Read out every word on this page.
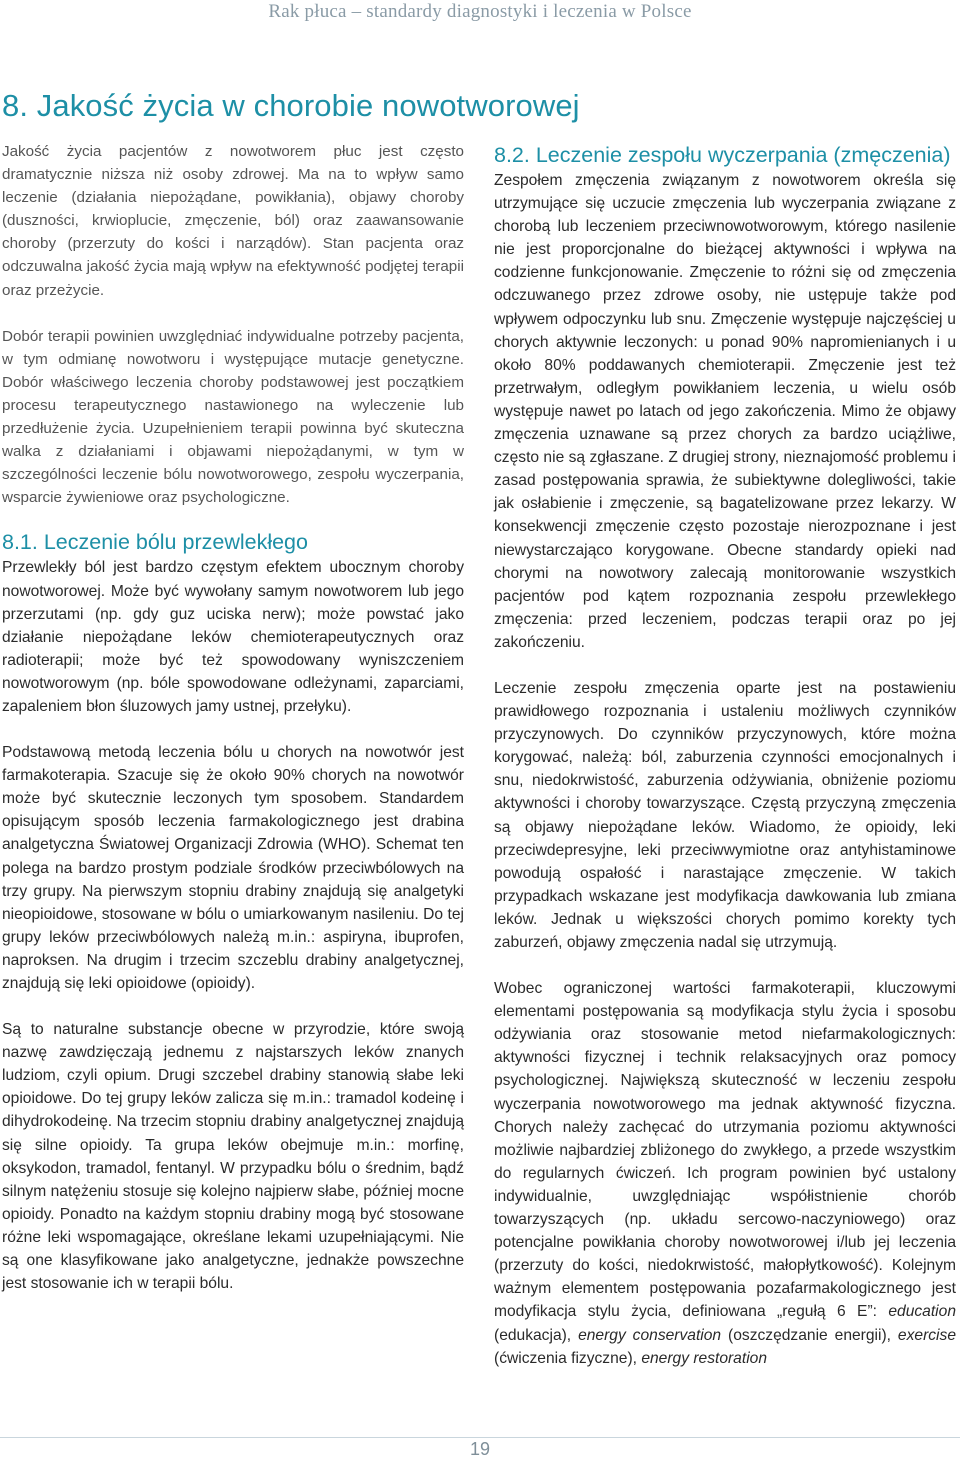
Rak płuca – standardy diagnostyki i leczenia w Polsce
8. Jakość życia w chorobie nowotworowej

Jakość życia pacjentów z nowotworem płuc jest często dramatycznie niższa niż osoby zdrowej. Ma na to wpływ samo leczenie (działania niepożądane, powikłania), objawy choroby (duszności, krwioplucie, zmęczenie, ból) oraz zaawansowanie choroby (przerzuty do kości i narządów). Stan pacjenta oraz odczuwalna jakość życia mają wpływ na efektywność podjętej terapii oraz przeżycie.

Dobór terapii powinien uwzględniać indywidualne potrzeby pacjenta, w tym odmianę nowotworu i występujące mutacje genetyczne. Dobór właściwego leczenia choroby podstawowej jest początkiem procesu terapeutycznego nastawionego na wyleczenie lub przedłużenie życia. Uzupełnieniem terapii powinna być skuteczna walka z działaniami i objawami niepożądanymi, w tym w szczególności leczenie bólu nowotworowego, zespołu wyczerpania, wsparcie żywieniowe oraz psychologiczne.

8.1. Leczenie bólu przewlekłego

Przewlekły ból jest bardzo częstym efektem ubocznym choroby nowotworowej. Może być wywołany samym nowotworem lub jego przerzutami (np. gdy guz uciska nerw); może powstać jako działanie niepożądane leków chemioterapeutycznych oraz radioterapii; może być też spowodowany wyniszczeniem nowotworowym (np. bóle spowodowane odleżynami, zaparciami, zapaleniem błon śluzowych jamy ustnej, przełyku).

Podstawową metodą leczenia bólu u chorych na nowotwór jest farmakoterapia. Szacuje się że około 90% chorych na nowotwór może być skutecznie leczonych tym sposobem. Standardem opisującym sposób leczenia farmakologicznego jest drabina analgetyczna Światowej Organizacji Zdrowia (WHO). Schemat ten polega na bardzo prostym podziale środków przeciwbólowych na trzy grupy. Na pierwszym stopniu drabiny znajdują się analgetyki nieopioidowe, stosowane w bólu o umiarkowanym nasileniu. Do tej grupy leków przeciwbólowych należą m.in.: aspiryna, ibuprofen, naproksen. Na drugim i trzecim szczeblu drabiny analgetycznej, znajdują się leki opioidowe (opioidy).

Są to naturalne substancje obecne w przyrodzie, które swoją nazwę zawdzięczają jednemu z najstarszych leków znanych ludziom, czyli opium. Drugi szczebel drabiny stanowią słabe leki opioidowe. Do tej grupy leków zalicza się m.in.: tramadol kodeinę i dihydrokodeinę. Na trzecim stopniu drabiny analgetycznej znajdują się silne opioidy. Ta grupa leków obejmuje m.in.: morfinę, oksykodon, tramadol, fentanyl. W przypadku bólu o średnim, bądź silnym natężeniu stosuje się kolejno najpierw słabe, później mocne opioidy. Ponadto na każdym stopniu drabiny mogą być stosowane różne leki wspomagające, określane lekami uzupełniającymi. Nie są one klasyfikowane jako analgetyczne, jednakże powszechne jest stosowanie ich w terapii bólu.

8.2. Leczenie zespołu wyczerpania (zmęczenia)

Zespołem zmęczenia związanym z nowotworem określa się utrzymujące się uczucie zmęczenia lub wyczerpania związane z chorobą lub leczeniem przeciwnowotworowym, którego nasilenie nie jest proporcjonalne do bieżącej aktywności i wpływa na codzienne funkcjonowanie. Zmęczenie to różni się od zmęczenia odczuwanego przez zdrowe osoby, nie ustępuje także pod wpływem odpoczynku lub snu. Zmęczenie występuje najczęściej u chorych aktywnie leczonych: u ponad 90% napromienianych i u około 80% poddawanych chemioterapii. Zmęczenie jest też przetrwałym, odległym powikłaniem leczenia, u wielu osób występuje nawet po latach od jego zakończenia. Mimo że objawy zmęczenia uznawane są przez chorych za bardzo uciążliwe, często nie są zgłaszane. Z drugiej strony, nieznajomość problemu i zasad postępowania sprawia, że subiektywne dolegliwości, takie jak osłabienie i zmęczenie, są bagatelizowane przez lekarzy. W konsekwencji zmęczenie często pozostaje nierozpoznane i jest niewystarczająco korygowane. Obecne standardy opieki nad chorymi na nowotwory zalecają monitorowanie wszystkich pacjentów pod kątem rozpoznania zespołu przewlekłego zmęczenia: przed leczeniem, podczas terapii oraz po jej zakończeniu.

Leczenie zespołu zmęczenia oparte jest na postawieniu prawidłowego rozpoznania i ustaleniu możliwych czynników przyczynowych. Do czynników przyczynowych, które można korygować, należą: ból, zaburzenia czynności emocjonalnych i snu, niedokrwistość, zaburzenia odżywiania, obniżenie poziomu aktywności i choroby towarzyszące. Częstą przyczyną zmęczenia są objawy niepożądane leków. Wiadomo, że opioidy, leki przeciwdepresyjne, leki przeciwwymiotne oraz antyhistaminowe powodują ospałość i narastające zmęczenie. W takich przypadkach wskazane jest modyfikacja dawkowania lub zmiana leków. Jednak u większości chorych pomimo korekty tych zaburzeń, objawy zmęczenia nadal się utrzymują.

Wobec ograniczonej wartości farmakoterapii, kluczowymi elementami postępowania są modyfikacja stylu życia i sposobu odżywiania oraz stosowanie metod niefarmakologicznych: aktywności fizycznej i technik relaksacyjnych oraz pomocy psychologicznej. Największą skuteczność w leczeniu zespołu wyczerpania nowotworowego ma jednak aktywność fizyczna. Chorych należy zachęcać do utrzymania poziomu aktywności możliwie najbardziej zbliżonego do zwykłego, a przede wszystkim do regularnych ćwiczeń. Ich program powinien być ustalony indywidualnie, uwzględniając współistnienie chorób towarzyszących (np. układu sercowo-naczyniowego) oraz potencjalne powikłania choroby nowotworowej i/lub jej leczenia (przerzuty do kości, niedokrwistość, małopłytkowość). Kolejnym ważnym elementem postępowania pozafarmakologicznego jest modyfikacja stylu życia, definiowana „regułą 6 E”: education (edukacja), energy conservation (oszczędzanie energii), exercise (ćwiczenia fizyczne), energy restoration

19
